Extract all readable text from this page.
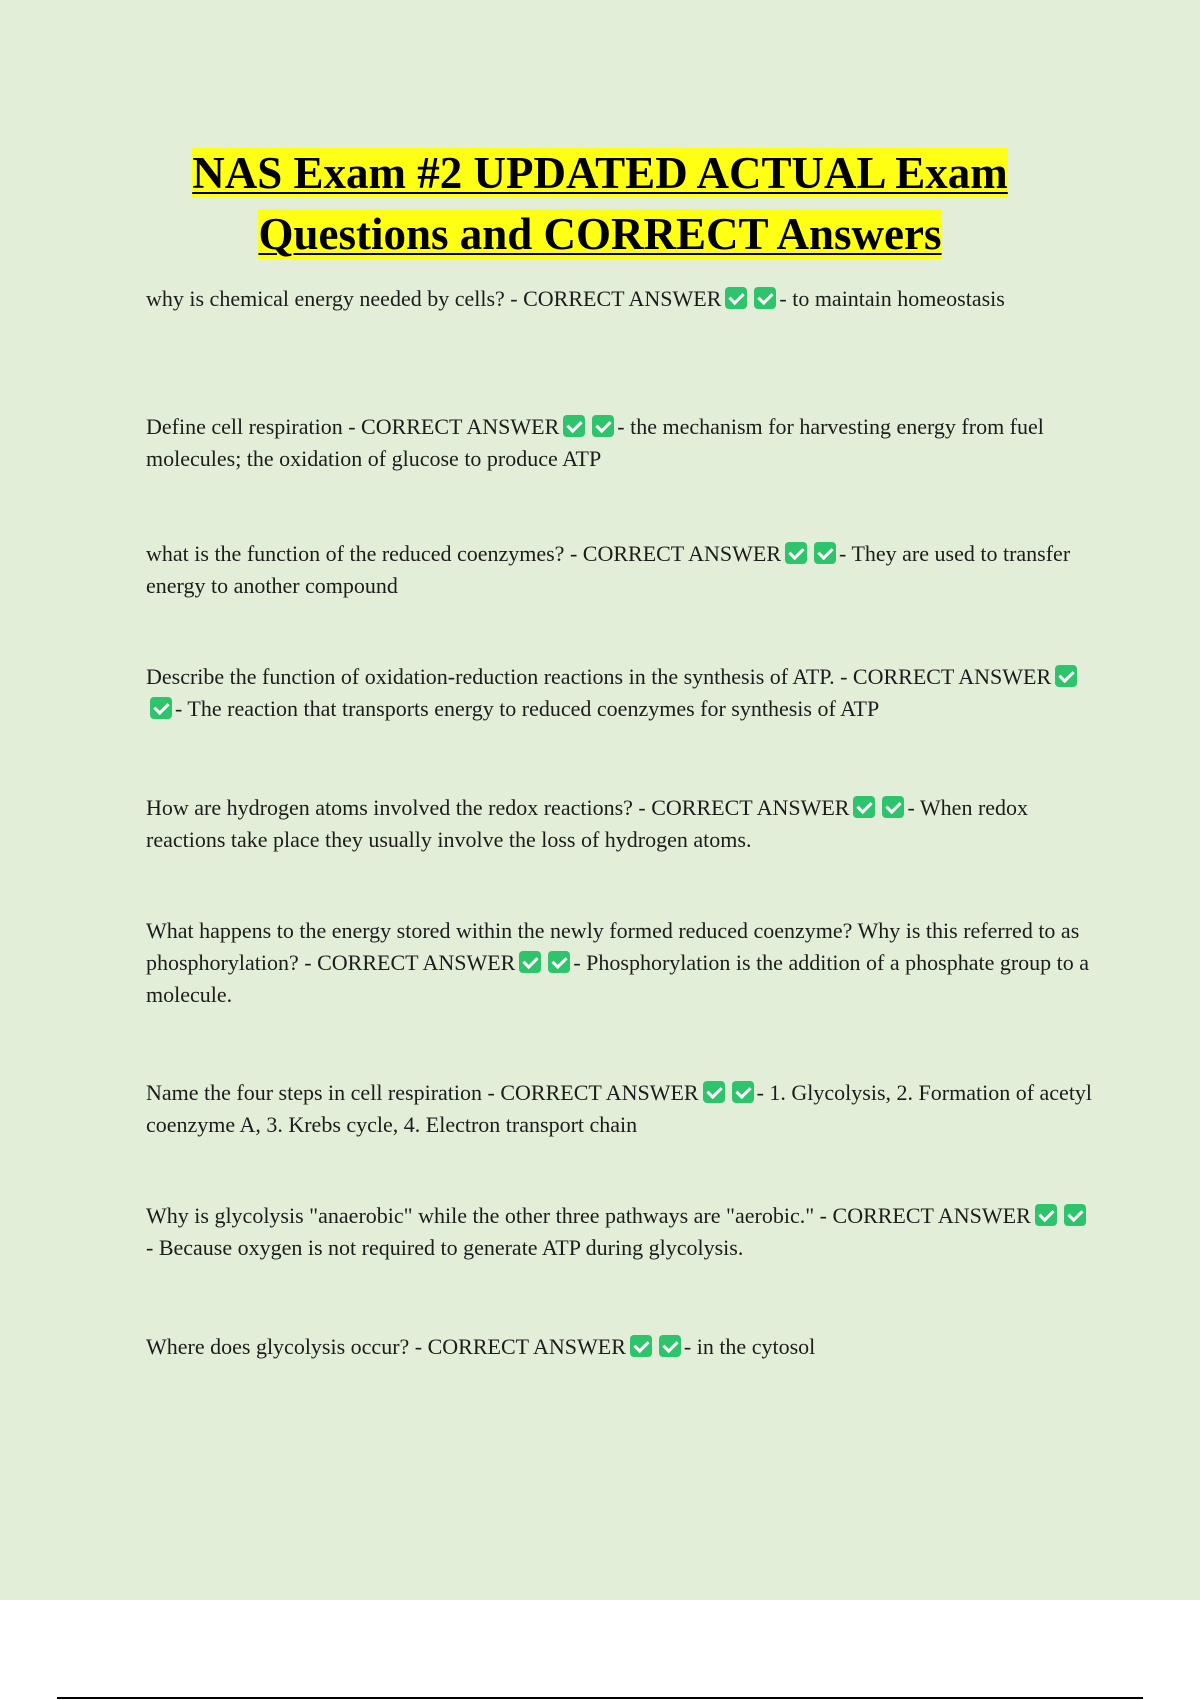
NAS Exam #2 UPDATED ACTUAL Exam
Questions and CORRECT Answers

why is chemical energy needed by cells? - CORRECT ANSWER	- to maintain homeostasis

Define cell respiration - CORRECT ANSWER	- the mechanism for harvesting energy from fuel molecules; the oxidation of glucose to produce ATP

what is the function of the reduced coenzymes? - CORRECT ANSWER	- They are used to transfer energy to another compound

Describe the function of oxidation-reduction reactions in the synthesis of ATP. - CORRECT ANSWER- The reaction that transports energy to reduced coenzymes for synthesis of ATP

How are hydrogen atoms involved the redox reactions? - CORRECT ANSWER	- When redox reactions take place they usually involve the loss of hydrogen atoms.

What happens to the energy stored within the newly formed reduced coenzyme? Why is this referred to as phosphorylation? - CORRECT ANSWER	- Phosphorylation is the addition of a phosphate group to a molecule.

Name the four steps in cell respiration - CORRECT ANSWER	- 1. Glycolysis, 2. Formation of acetyl coenzyme A, 3. Krebs cycle, 4. Electron transport chain

Why is glycolysis "anaerobic" while the other three pathways are "aerobic." - CORRECT ANSWER- Because oxygen is not required to generate ATP during glycolysis.

Where does glycolysis occur? - CORRECT ANSWER	- in the cytosol
